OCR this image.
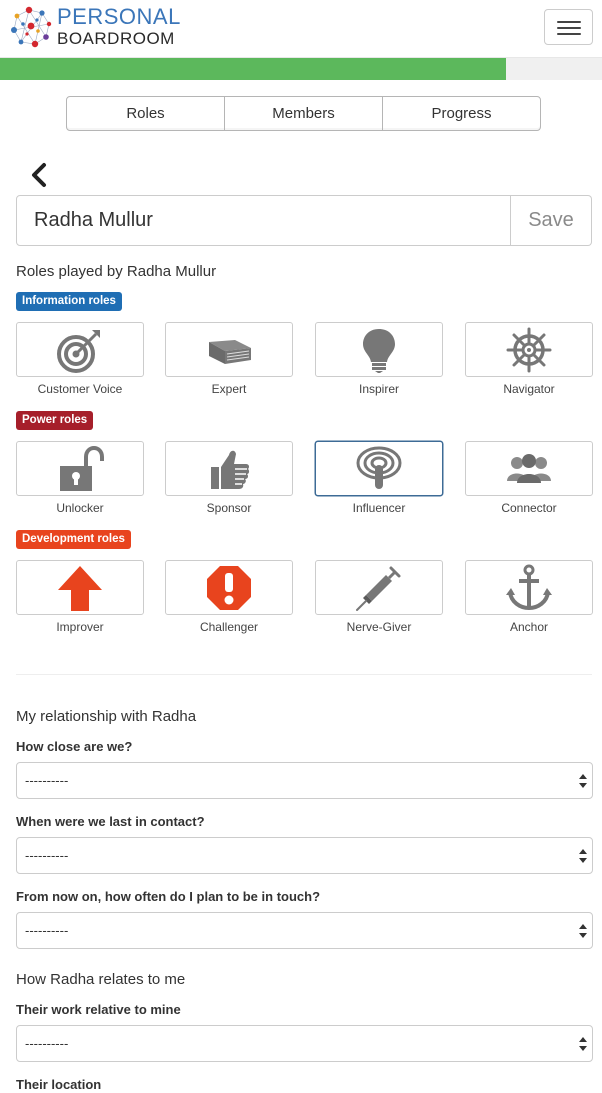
PERSONAL
BOARDROOM
Roles	Members	Progress
Radha Mullur
Save
Roles played by Radha Mullur
Information roles
Customer Voice	Expert	Inspirer	Navigator
Power roles
Unlocker	Sponsor	Influencer	Connector
Development roles
Improver	Challenger	Nerve-Giver	Anchor
My relationship with Radha
How close are we?
----------
When were we last in contact?
----------
From now on, how often do I plan to be in touch?
----------
How Radha relates to me
Their work relative to mine
----------
Their location
